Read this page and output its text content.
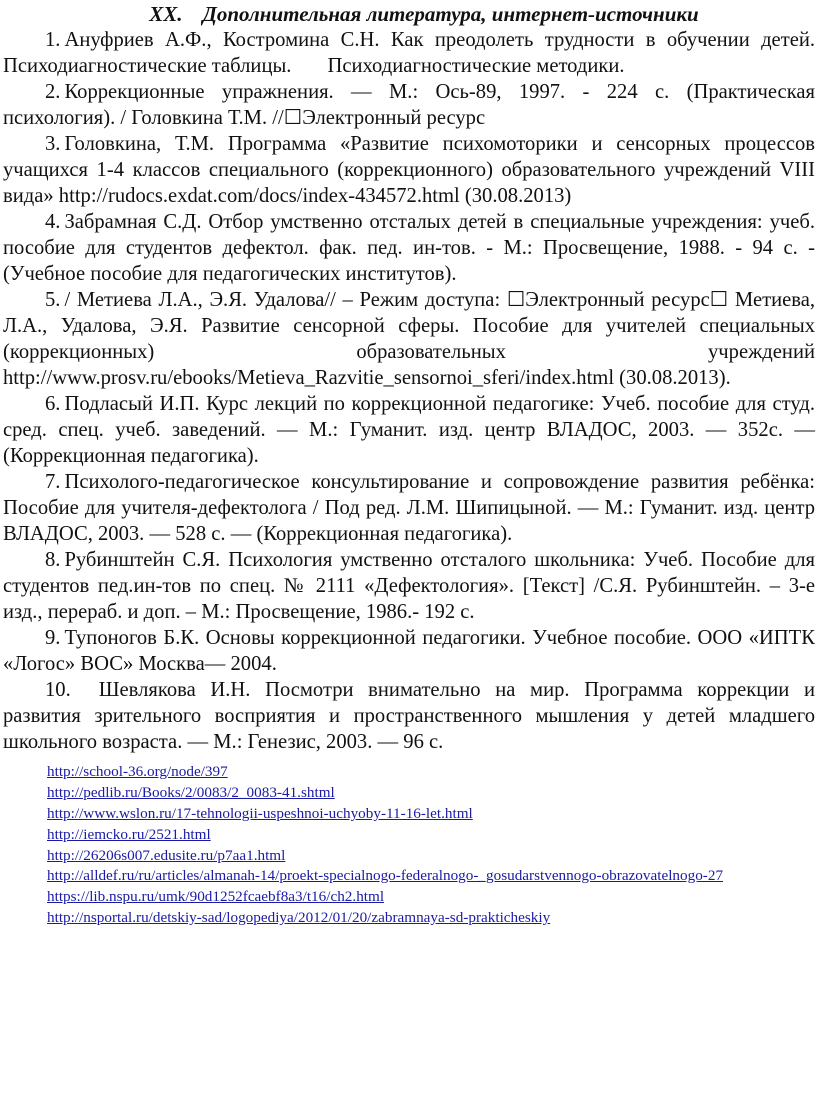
XX. Дополнительная литература, интернет-источники

1. Ануфриев А.Ф., Костромина С.Н. Как преодолеть трудности в обучении детей.        Психодиагностические таблицы.       Психодиагностические методики.

2. Коррекционные упражнения. — М.: Ось-89, 1997. - 224 с. (Практическая психология). / Головкина Т.М. //☐Электронный ресурс

3. Головкина, Т.М. Программа «Развитие психомоторики и сенсорных процессов учащихся 1-4 классов специального (коррекционного) образовательного учреждений VIII вида» http://rudocs.exdat.com/docs/index-434572.html (30.08.2013)

4. Забрамная С.Д. Отбор умственно отсталых детей в специальные учреждения: учеб. пособие для студентов дефектол. фак. пед. ин-тов. - М.: Просвещение, 1988. - 94 с. - (Учебное пособие для педагогических институтов).

5. / Метиева Л.А., Э.Я. Удалова// – Режим доступа: ☐Электронный ресурс☐ Метиева, Л.А., Удалова, Э.Я. Развитие сенсорной сферы. Пособие для учителей специальных (коррекционных) образовательных учреждений http://www.prosv.ru/ebooks/Metieva_Razvitie_sensornoi_sferi/index.html (30.08.2013).

6. Подласый И.П. Курс лекций по коррекционной педагогике: Учеб. пособие для студ. сред. спец. учеб. заведений. — М.: Гуманит. изд. центр ВЛАДОС, 2003. — 352с. — (Коррекционная педагогика).

7. Психолого-педагогическое консультирование и сопровождение развития ребёнка: Пособие для учителя-дефектолога / Под ред. Л.М. Шипицыной. — М.: Гуманит. изд. центр ВЛАДОС, 2003. — 528 с. — (Коррекционная педагогика).

8. Рубинштейн С.Я. Психология умственно отсталого школьника: Учеб. Пособие для студентов пед.ин-тов по спец. № 2111 «Дефектология». [Текст] /С.Я. Рубинштейн. – 3-е изд., перераб. и доп. – М.: Просвещение, 1986.- 192 с.

9. Тупоногов Б.К. Основы коррекционной педагогики. Учебное пособие. ООО «ИПТК «Логос» ВОС» Москва— 2004.

10. Шевлякова И.Н. Посмотри внимательно на мир. Программа коррекции и развития зрительного восприятия и пространственного мышления у детей младшего школьного возраста. — М.: Генезис, 2003. — 96 с.

http://school-36.org/node/397
http://pedlib.ru/Books/2/0083/2_0083-41.shtml
http://www.wslon.ru/17-tehnologii-uspeshnoi-uchyoby-11-16-let.html
http://iemcko.ru/2521.html
http://26206s007.edusite.ru/p7aa1.html
http://alldef.ru/ru/articles/almanah-14/proekt-specialnogo-federalnogo-_gosudarstvennogo-obrazovatelnogo-27
https://lib.nspu.ru/umk/90d1252fcaebf8a3/t16/ch2.html
http://nsportal.ru/detskiy-sad/logopediya/2012/01/20/zabramnaya-sd-prakticheskiy
